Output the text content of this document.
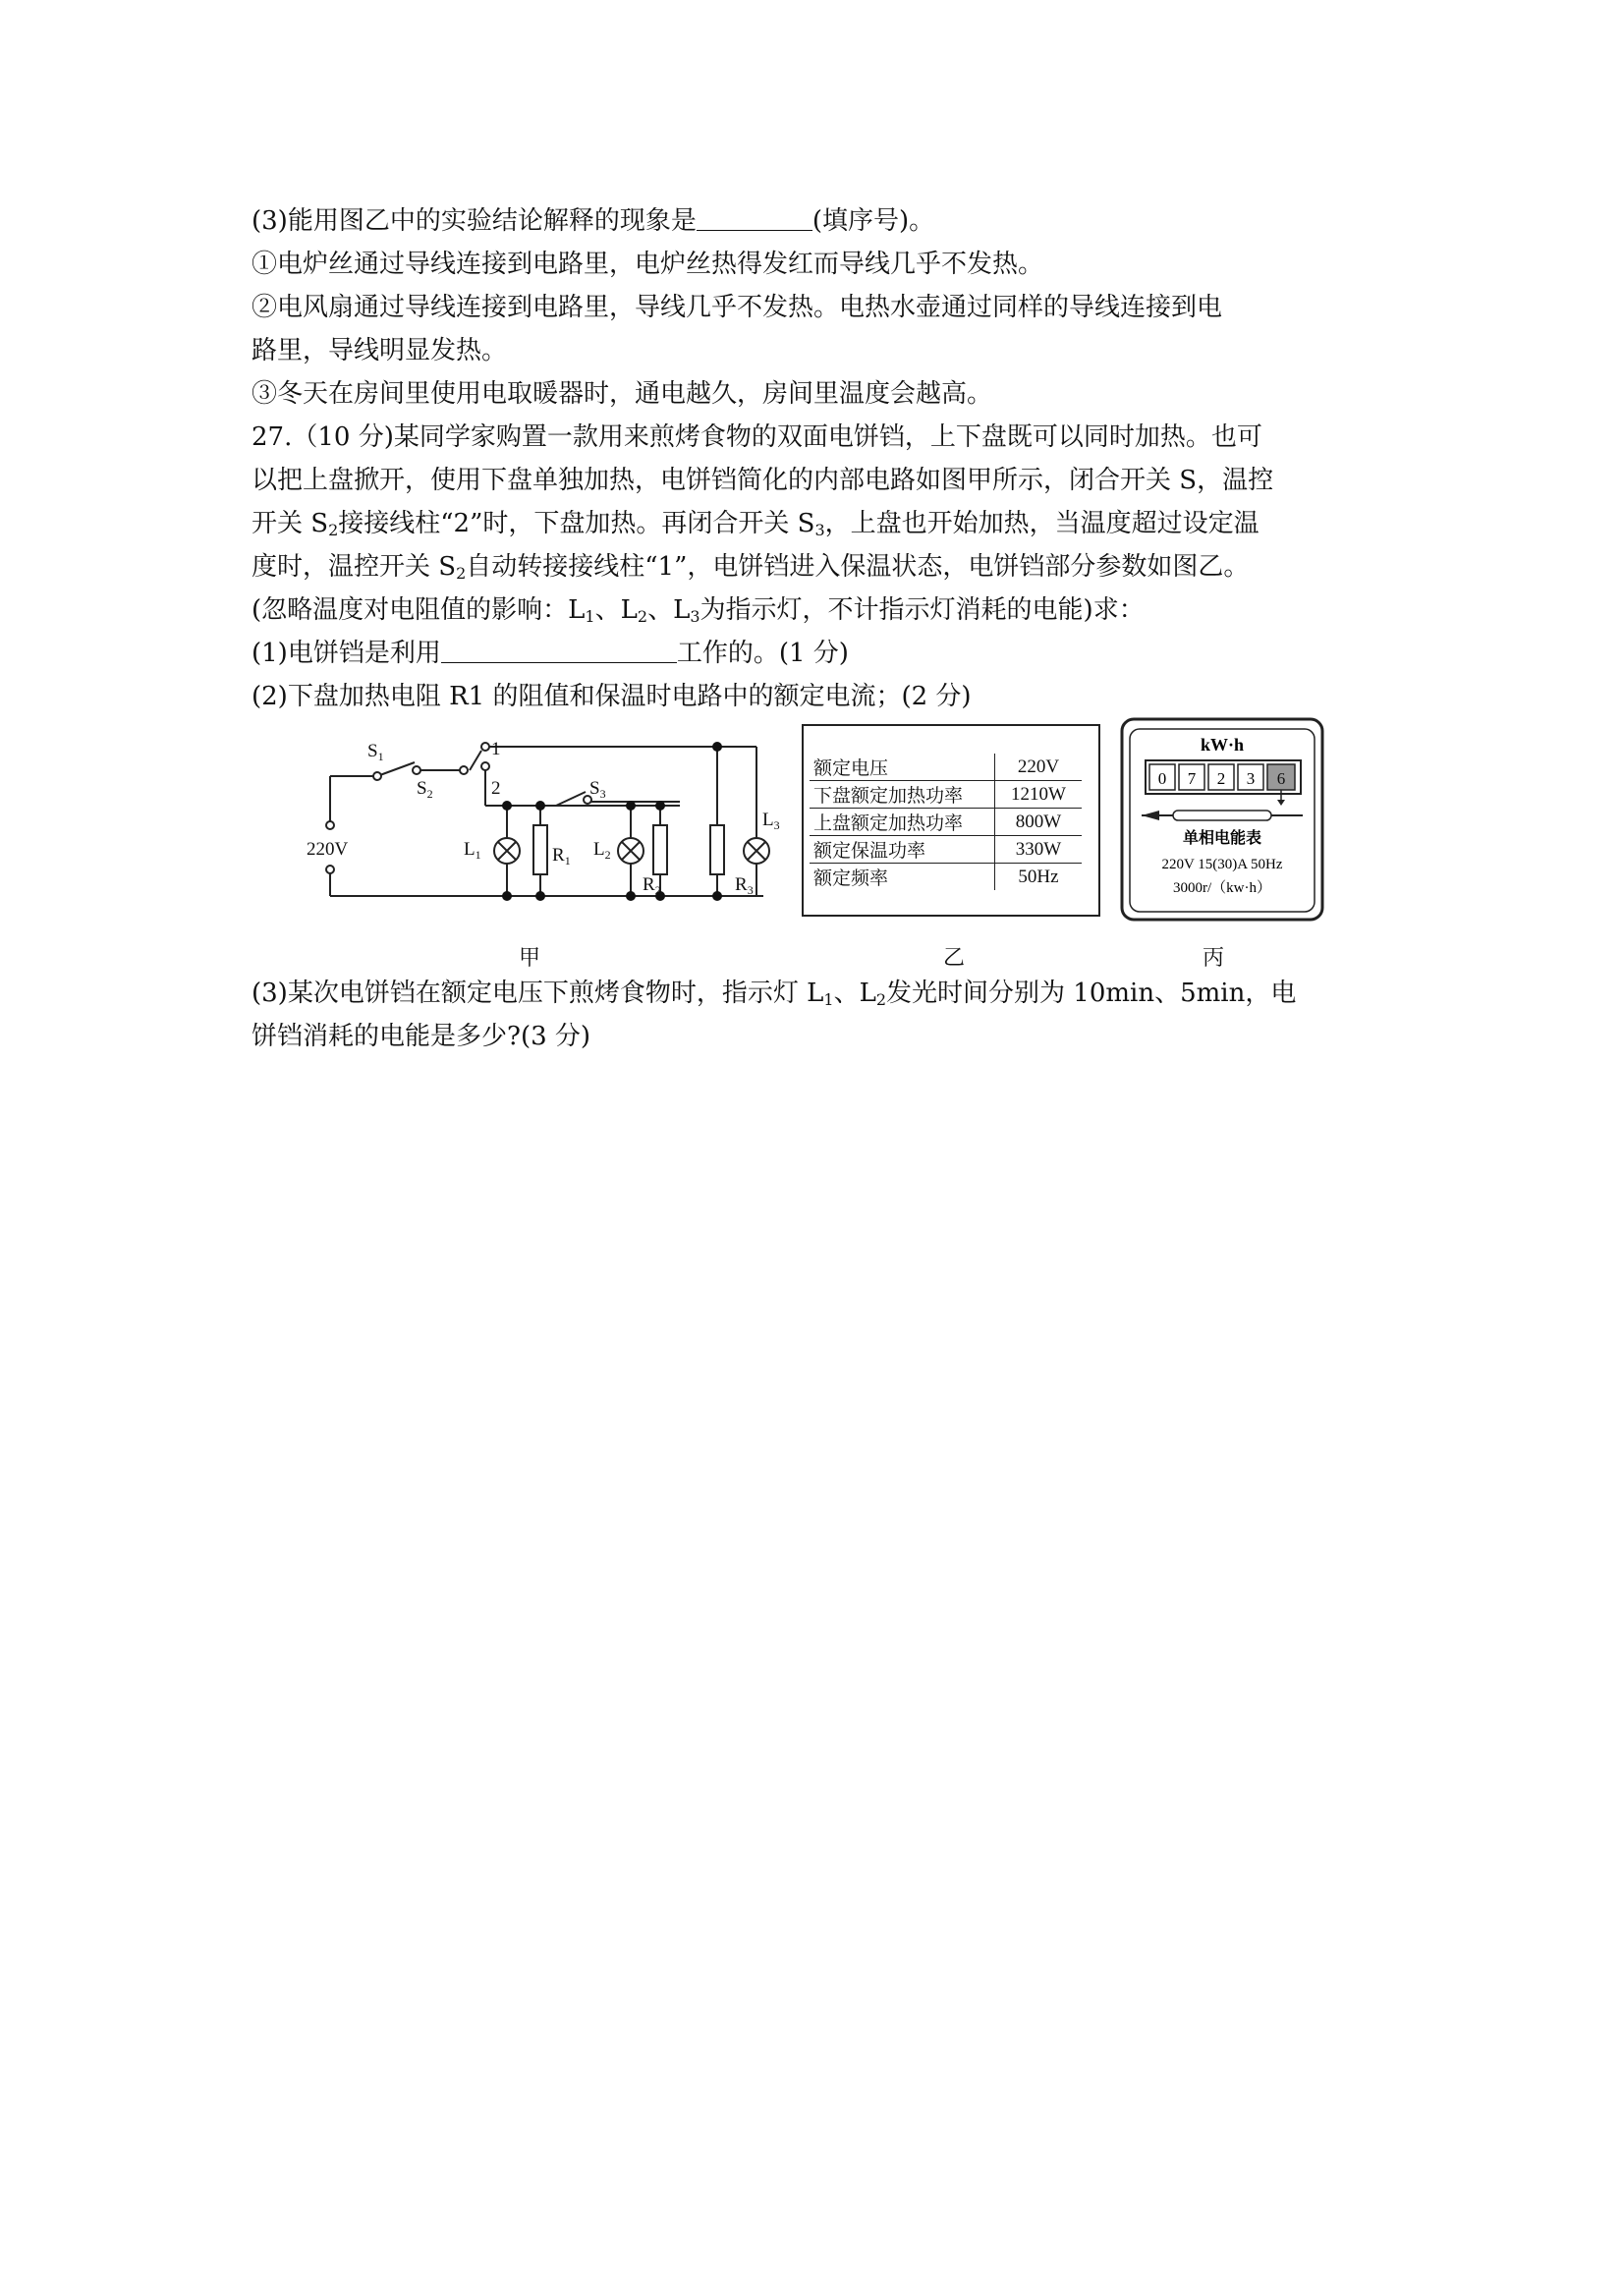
(3)能用图乙中的实验结论解释的现象是	(填序号)。
①电炉丝通过导线连接到电路里，电炉丝热得发红而导线几乎不发热。
②电风扇通过导线连接到电路里，导线几乎不发热。电热水壶通过同样的导线连接到电
路里，导线明显发热。
③冬天在房间里使用电取暖器时，通电越久，房间里温度会越高。
27.（10 分)某同学家购置一款用来煎烤食物的双面电饼铛，上下盘既可以同时加热。也可
以把上盘掀开，使用下盘单独加热，电饼铛简化的内部电路如图甲所示，闭合开关 S，温控
开关 $S_2$接接线柱“2”时，下盘加热。再闭合开关 $S_3$，上盘也开始加热，当温度超过设定温
度时，温控开关 $S_2$自动转接接线柱“1”，电饼铛进入保温状态，电饼铛部分参数如图乙。
(忽略温度对电阻值的影响：$L_1$、$L_2$、$L_3$为指示灯，不计指示灯消耗的电能)求：
(1)电饼铛是利用	工作的。(1 分)
(2)下盘加热电阻 R1 的阻值和保温时电路中的额定电流；(2 分)
220V
$S_1$
$S_2$
1
2	$S_3$
$L_1$	$R_1$
$L_2$
$R_2$	$R_3$
$L_3$
额定电压	220V
下盘额定加热功率	1210W
上盘额定加热功率	800W
额定保温功率	330W
额定频率	50Hz
kW·h
0 7 2 3 6
单相电能表
220V 15(30)A 50Hz
3000r/（kw·h）
甲	乙	丙
(3)某次电饼铛在额定电压下煎烤食物时，指示灯 $L_1$、$L_2$发光时间分别为 10min、5min，电
饼铛消耗的电能是多少?(3 分)
